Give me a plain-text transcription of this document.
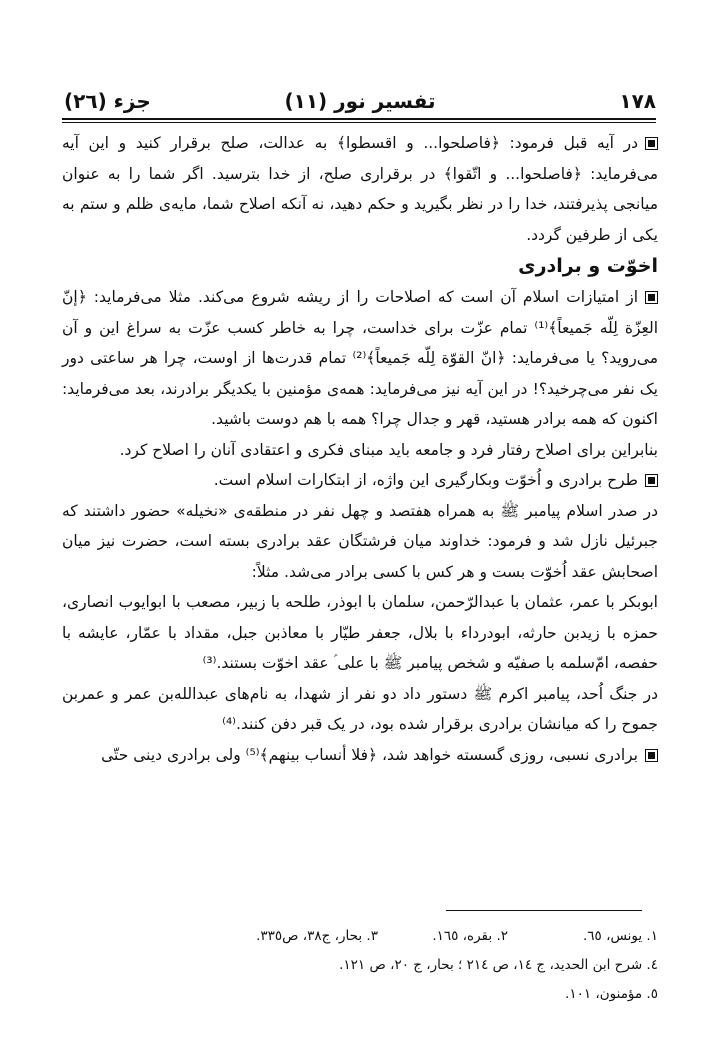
١٧٨
تفسیر نور (١١)
جزء (٢٦)

در آیه قبل فرمود: ﴿فاصلحوا... و اقسطوا﴾ به عدالت، صلح برقرار کنید و این آیه می‌فرماید: ﴿فاصلحوا... و اتّقوا﴾ در برقراری صلح، از خدا بترسید. اگر شما را به عنوان میانجی پذیرفتند، خدا را در نظر بگیرید و حکم دهید، نه آنکه اصلاح شما، مایه‌ی ظلم و ستم به یکی از طرفین گردد.

اخوّت و برادری

از امتیازات اسلام آن است که اصلاحات را از ریشه شروع می‌کند. مثلا می‌فرماید: ﴿إنّ العِزّة لِلّه جَمیعاً﴾⁽¹⁾ تمام عزّت برای خداست، چرا به خاطر کسب عزّت به سراغ این و آن می‌روید؟ یا می‌فرماید: ﴿انّ القوّة لِلّه جَمیعاً﴾⁽²⁾ تمام قدرت‌ها از اوست، چرا هر ساعتی دور یک نفر می‌چرخید؟! در این آیه نیز می‌فرماید: همه‌ی مؤمنین با یکدیگر برادرند، بعد می‌فرماید: اکنون که همه برادر هستید، قهر و جدال چرا؟ همه با هم دوست باشید.

بنابراین برای اصلاح رفتار فرد و جامعه باید مبنای فکری و اعتقادی آنان را اصلاح کرد.

طرح برادری و اُخوّت وبکارگیری این واژه، از ابتکارات اسلام است.

در صدر اسلام پیامبر ﷺ به همراه هفتصد و چهل نفر در منطقه‌ی «نخیله» حضور داشتند که جبرئیل نازل شد و فرمود: خداوند میان فرشتگان عقد برادری بسته است، حضرت نیز میان اصحابش عقد اُخوّت بست و هر کس با کسی برادر می‌شد. مثلاً:

ابوبکر با عمر، عثمان با عبدالرّحمن، سلمان با ابوذر، طلحه با زبیر، مصعب با ابوایوب انصاری، حمزه با زیدبن حارثه، ابودرداء با بلال، جعفر طیّار با معاذبن جبل، مقداد با عمّار، عایشه با حفصه، امّ‌سلمه با صفیّه و شخص پیامبر ﷺ با علی ؑ عقد اخوّت بستند.⁽³⁾

در جنگ اُحد، پیامبر اکرم ﷺ دستور داد دو نفر از شهدا، به نام‌های عبدالله‌بن عمر و عمربن جموح را که میانشان برادری برقرار شده بود، در یک قبر دفن کنند.⁽⁴⁾

برادری نسبی، روزی گسسته خواهد شد، ﴿فلا أنساب بینهم﴾⁽⁵⁾ ولی برادری دینی حتّی

١. یونس، ٦٥.
٢. بقره، ١٦٥.
٣. بحار، ج٣٨، ص٣٣٥.
٤. شرح ابن الحدید، ج ١٤، ص ٢١٤ ؛ بحار، ج ٢٠، ص ١٢١.
٥. مؤمنون، ١٠١.
